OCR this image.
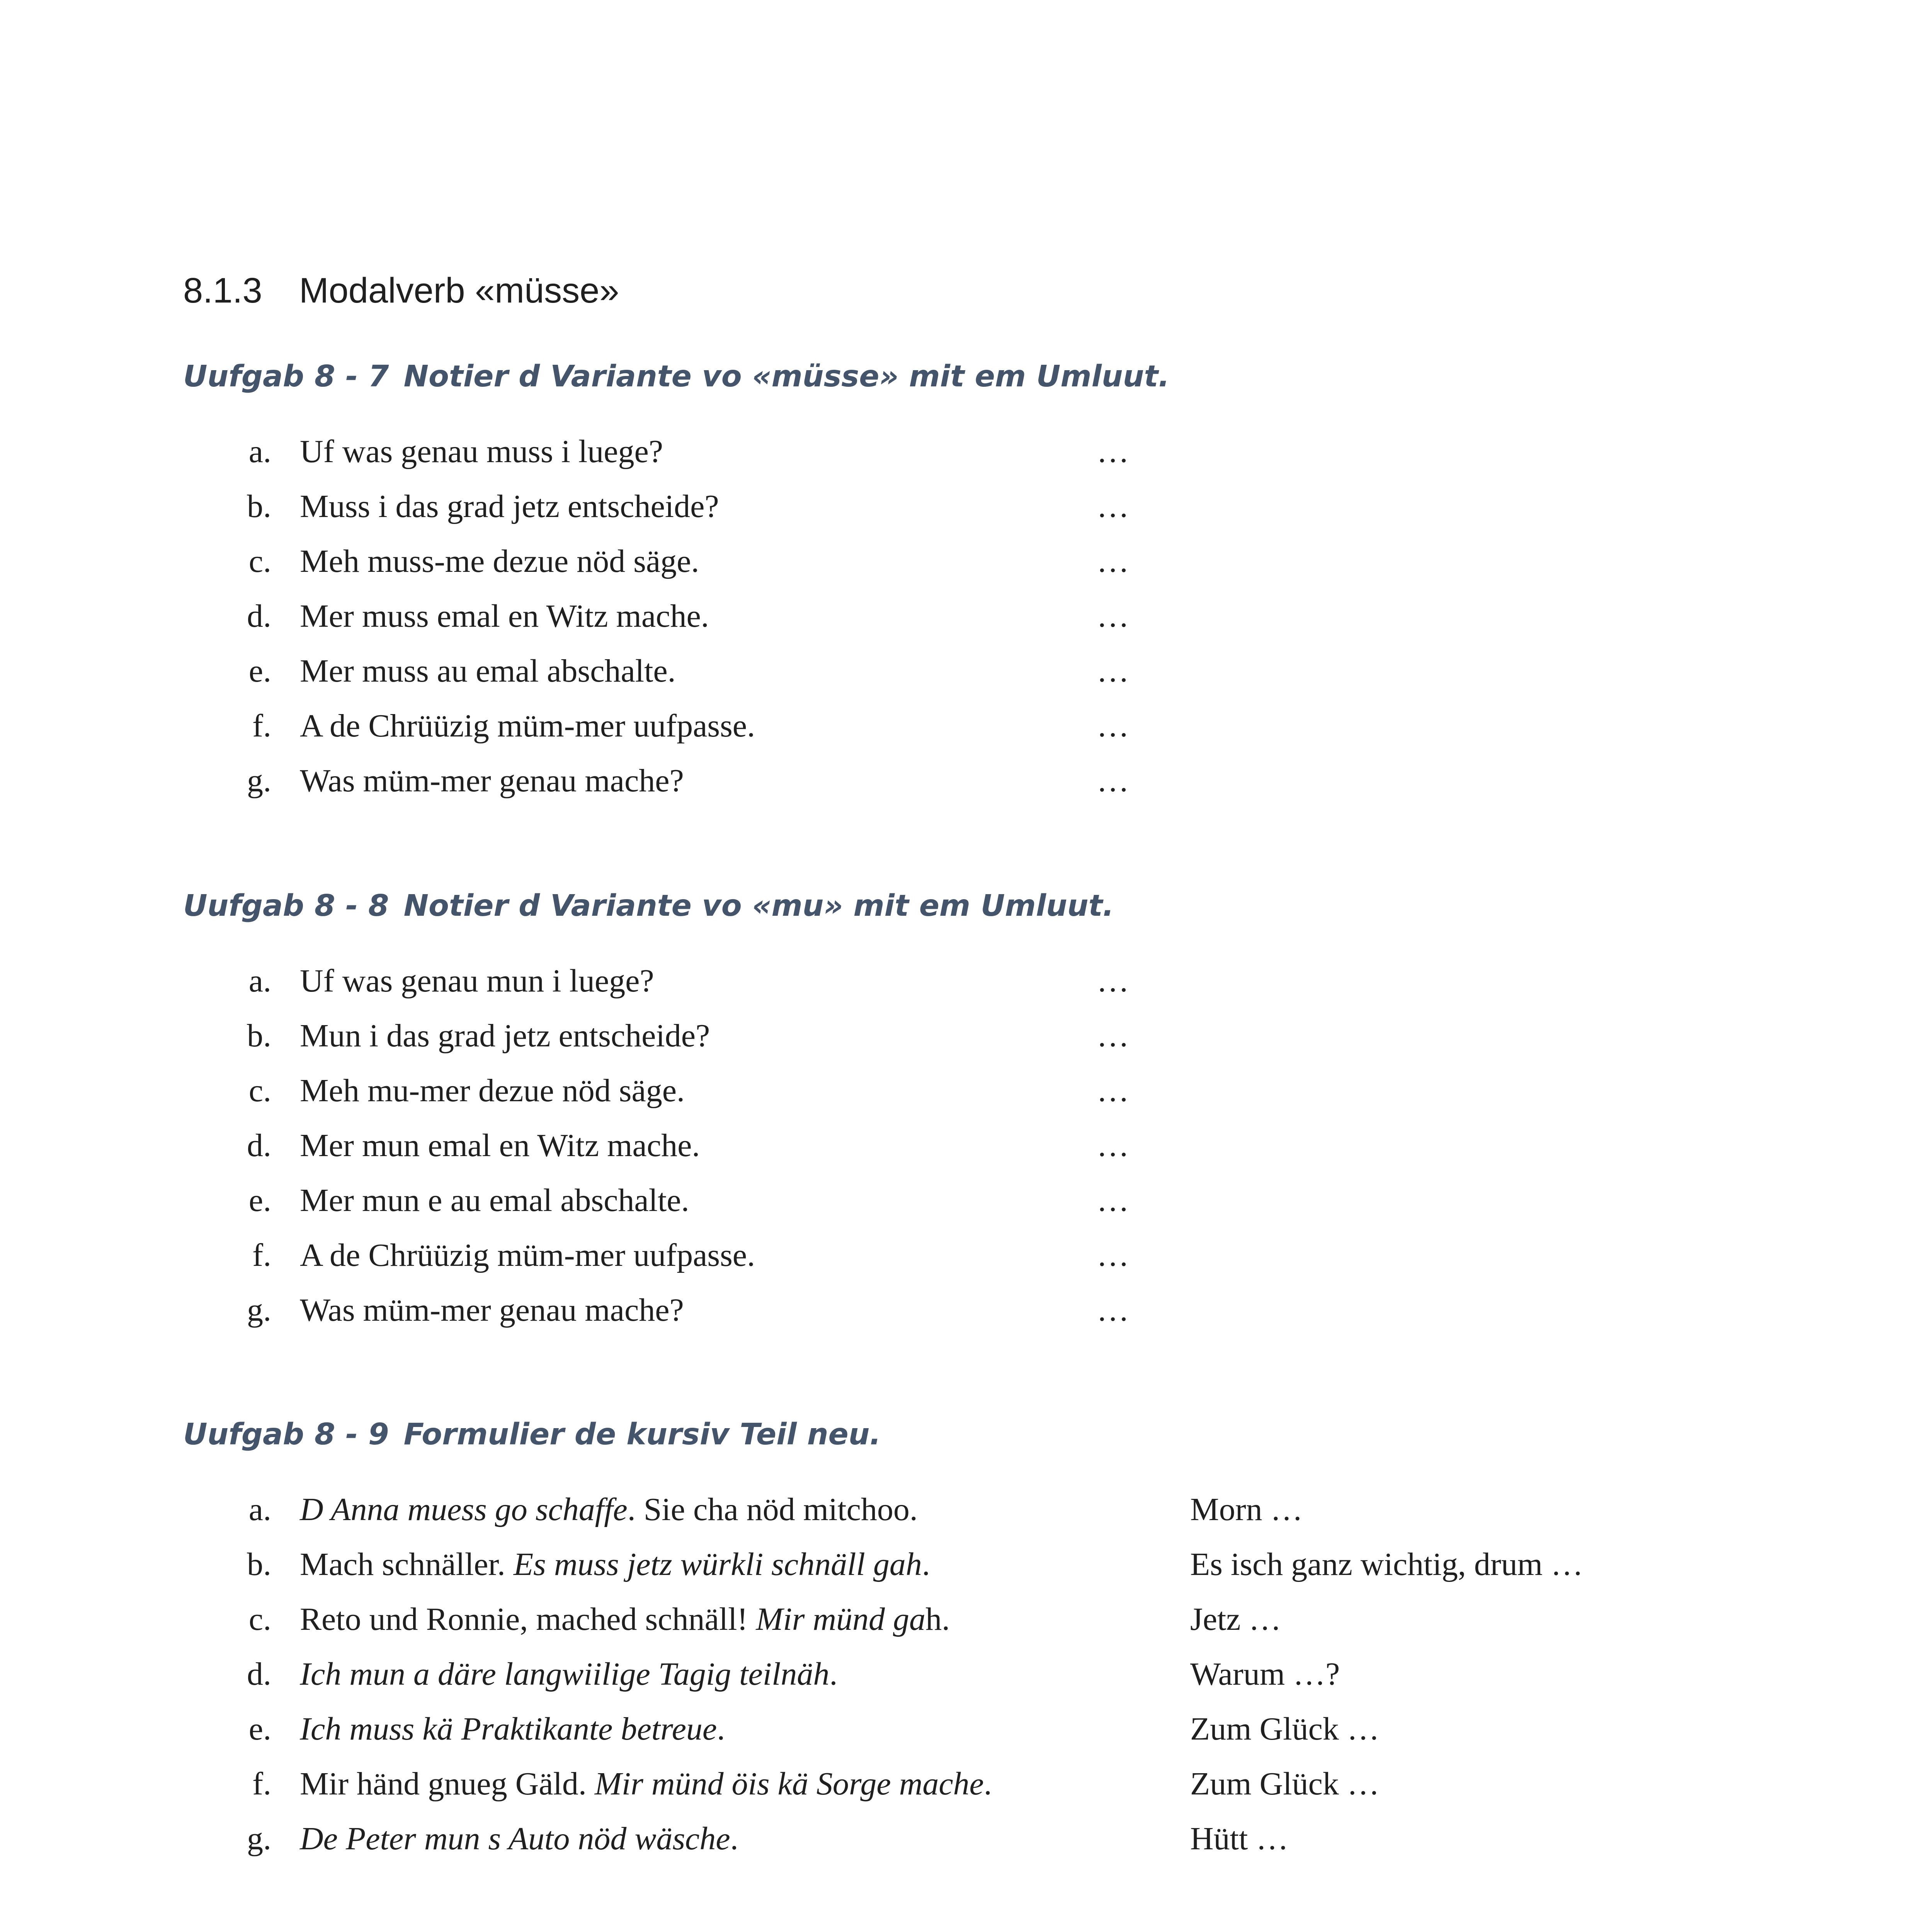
8.1.3 Modalverb «müsse»
Uufgab 8 - 7 Notier d Variante vo «müsse» mit em Umluut.
a. Uf was genau muss i luege?	…
b. Muss i das grad jetz entscheide?	…
c. Meh muss-me dezue nöd säge.	…
d. Mer muss emal en Witz mache.	…
e. Mer muss au emal abschalte.	…
f. A de Chrüüzig müm-mer uufpasse.	…
g. Was müm-mer genau mache?	…
Uufgab 8 - 8 Notier d Variante vo «mu» mit em Umluut.
a. Uf was genau mun i luege?	…
b. Mun i das grad jetz entscheide?	…
c. Meh mu-mer dezue nöd säge.	…
d. Mer mun emal en Witz mache.	…
e. Mer mun e au emal abschalte.	…
f. A de Chrüüzig müm-mer uufpasse.	…
g. Was müm-mer genau mache?	…
Uufgab 8 - 9 Formulier de kursiv Teil neu.
a. D Anna muess go schaffe. Sie cha nöd mitchoo.	Morn …
b. Mach schnäller. Es muss jetz würkli schnäll gah.	Es isch ganz wichtig, drum …
c. Reto und Ronnie, mached schnäll! Mir münd gah.	Jetz …
d. Ich mun a däre langwiilige Tagig teilnäh.	Warum …?
e. Ich muss kä Praktikante betreue.	Zum Glück …
f. Mir händ gnueg Gäld. Mir münd öis kä Sorge mache.	Zum Glück …
g. De Peter mun s Auto nöd wäsche.	Hütt …
